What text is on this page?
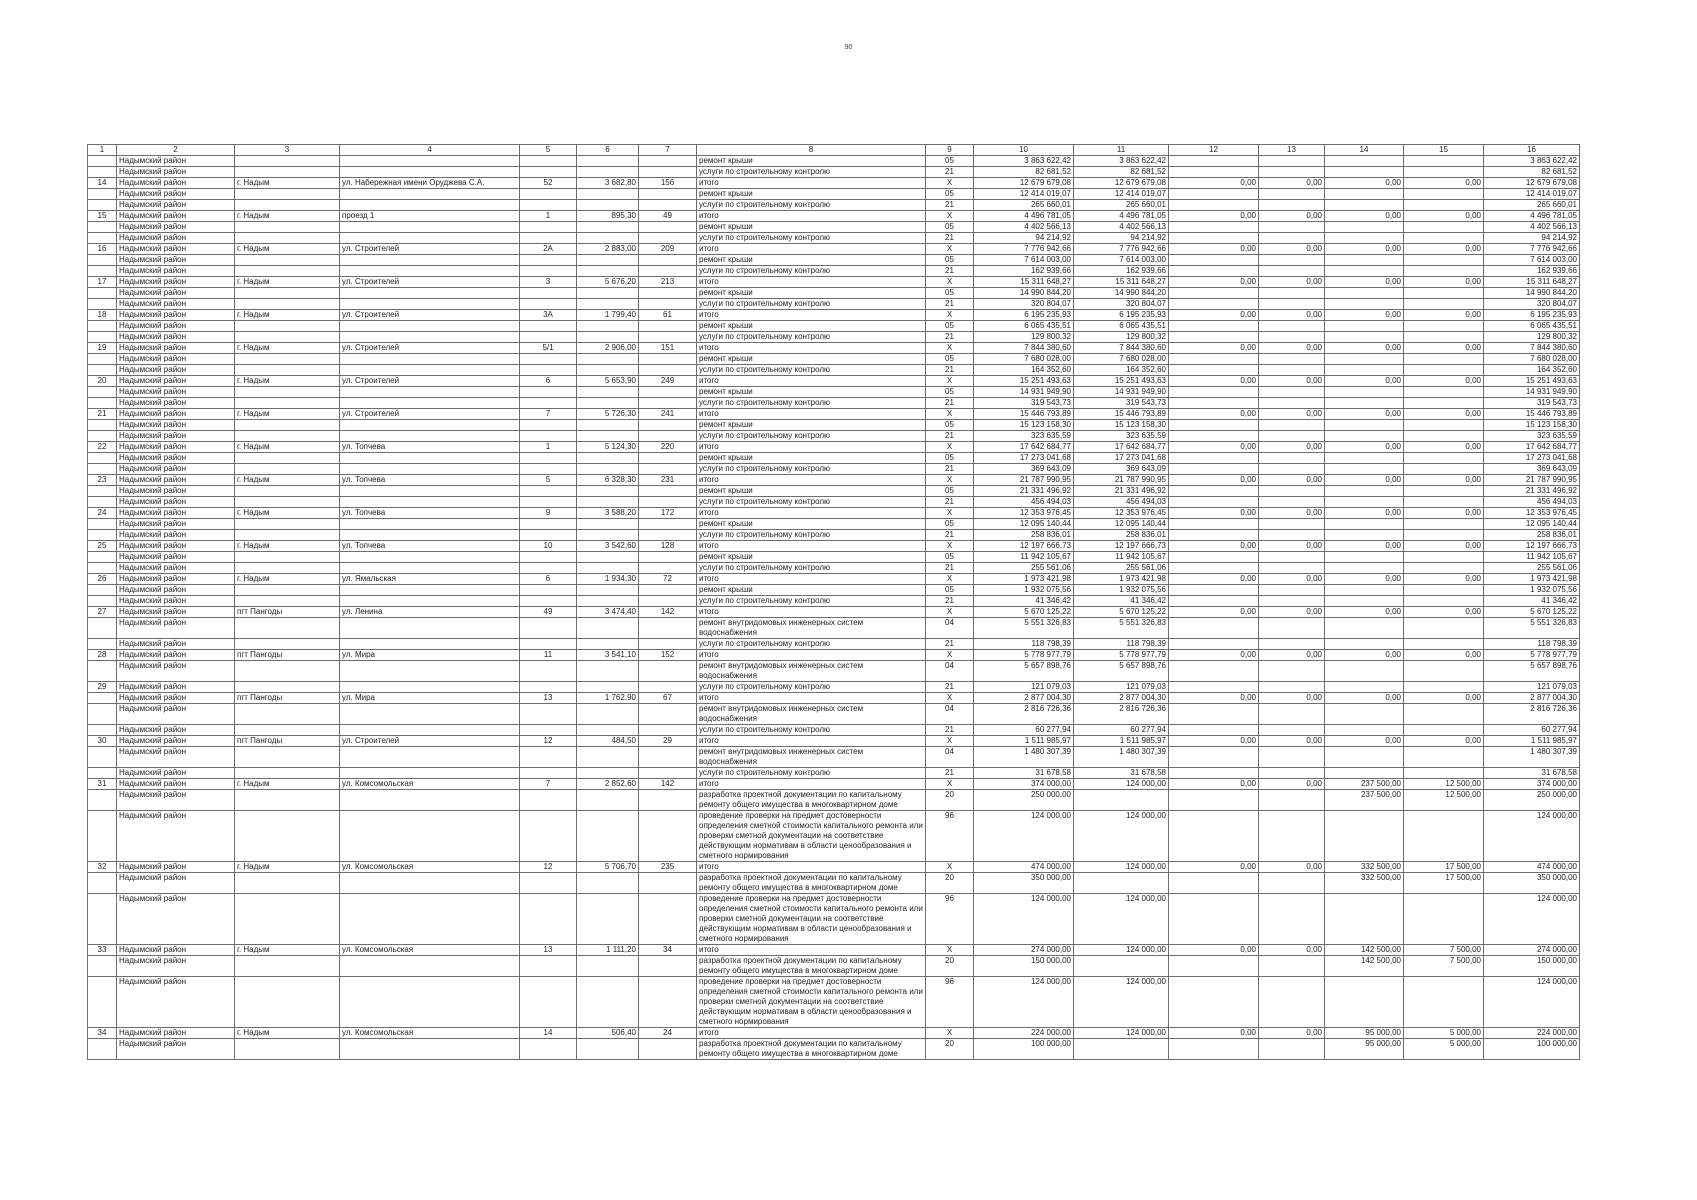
90
1	2	3	4	5	6	7	8	9	10	11	12	13	14	15	16
	Надымский район						ремонт крыши	05	3 863 622,42	3 863 622,42					3 863 622,42
	Надымский район						услуги по строительному контролю	21	82 681,52	82 681,52					82 681,52
14	Надымский район	г. Надым	ул. Набережная имени Оруджева С.А.	52	3 682,80	156	итого	X	12 679 679,08	12 679 679,08	0,00	0,00	0,00	0,00	12 679 679,08
	Надымский район						ремонт крыши	05	12 414 019,07	12 414 019,07					12 414 019,07
	Надымский район						услуги по строительному контролю	21	265 660,01	265 660,01					265 660,01
15	Надымский район	г. Надым	проезд 1	1	895,30	49	итого	X	4 496 781,05	4 496 781,05	0,00	0,00	0,00	0,00	4 496 781,05
	Надымский район						ремонт крыши	05	4 402 566,13	4 402 566,13					4 402 566,13
	Надымский район						услуги по строительному контролю	21	94 214,92	94 214,92					94 214,92
16	Надымский район	г. Надым	ул. Строителей	2А	2 883,00	209	итого	X	7 776 942,66	7 776 942,66	0,00	0,00	0,00	0,00	7 776 942,66
	Надымский район						ремонт крыши	05	7 614 003,00	7 614 003,00					7 614 003,00
	Надымский район						услуги по строительному контролю	21	162 939,66	162 939,66					162 939,66
17	Надымский район	г. Надым	ул. Строителей	3	5 676,20	213	итого	X	15 311 648,27	15 311 648,27	0,00	0,00	0,00	0,00	15 311 648,27
	Надымский район						ремонт крыши	05	14 990 844,20	14 990 844,20					14 990 844,20
	Надымский район						услуги по строительному контролю	21	320 804,07	320 804,07					320 804,07
18	Надымский район	г. Надым	ул. Строителей	3А	1 799,40	61	итого	X	6 195 235,93	6 195 235,93	0,00	0,00	0,00	0,00	6 195 235,93
	Надымский район						ремонт крыши	05	6 065 435,51	6 065 435,51					6 065 435,51
	Надымский район						услуги по строительному контролю	21	129 800,32	129 800,32					129 800,32
19	Надымский район	г. Надым	ул. Строителей	5/1	2 906,00	151	итого	X	7 844 380,60	7 844 380,60	0,00	0,00	0,00	0,00	7 844 380,60
	Надымский район						ремонт крыши	05	7 680 028,00	7 680 028,00					7 680 028,00
	Надымский район						услуги по строительному контролю	21	164 352,60	164 352,60					164 352,60
20	Надымский район	г. Надым	ул. Строителей	6	5 653,90	249	итого	X	15 251 493,63	15 251 493,63	0,00	0,00	0,00	0,00	15 251 493,63
	Надымский район						ремонт крыши	05	14 931 949,90	14 931 949,90					14 931 949,90
	Надымский район						услуги по строительному контролю	21	319 543,73	319 543,73					319 543,73
21	Надымский район	г. Надым	ул. Строителей	7	5 726,30	241	итого	X	15 446 793,89	15 446 793,89	0,00	0,00	0,00	0,00	15 446 793,89
	Надымский район						ремонт крыши	05	15 123 158,30	15 123 158,30					15 123 158,30
	Надымский район						услуги по строительному контролю	21	323 635,59	323 635,59					323 635,59
22	Надымский район	г. Надым	ул. Топчева	1	5 124,30	220	итого	X	17 642 684,77	17 642 684,77	0,00	0,00	0,00	0,00	17 642 684,77
	Надымский район						ремонт крыши	05	17 273 041,68	17 273 041,68					17 273 041,68
	Надымский район						услуги по строительному контролю	21	369 643,09	369 643,09					369 643,09
23	Надымский район	г. Надым	ул. Топчева	5	6 328,30	231	итого	X	21 787 990,95	21 787 990,95	0,00	0,00	0,00	0,00	21 787 990,95
	Надымский район						ремонт крыши	05	21 331 496,92	21 331 496,92					21 331 496,92
	Надымский район						услуги по строительному контролю	21	456 494,03	456 494,03					456 494,03
24	Надымский район	г. Надым	ул. Топчева	9	3 588,20	172	итого	X	12 353 976,45	12 353 976,45	0,00	0,00	0,00	0,00	12 353 976,45
	Надымский район						ремонт крыши	05	12 095 140,44	12 095 140,44					12 095 140,44
	Надымский район						услуги по строительному контролю	21	258 836,01	258 836,01					258 836,01
25	Надымский район	г. Надым	ул. Топчева	10	3 542,60	128	итого	X	12 197 666,73	12 197 666,73	0,00	0,00	0,00	0,00	12 197 666,73
	Надымский район						ремонт крыши	05	11 942 105,67	11 942 105,67					11 942 105,67
	Надымский район						услуги по строительному контролю	21	255 561,06	255 561,06					255 561,06
26	Надымский район	г. Надым	ул. Ямальская	6	1 934,30	72	итого	X	1 973 421,98	1 973 421,98	0,00	0,00	0,00	0,00	1 973 421,98
	Надымский район						ремонт крыши	05	1 932 075,56	1 932 075,56					1 932 075,56
	Надымский район						услуги по строительному контролю	21	41 346,42	41 346,42					41 346,42
27	Надымский район	пгт Пангоды	ул. Ленина	49	3 474,40	142	итого	X	5 670 125,22	5 670 125,22	0,00	0,00	0,00	0,00	5 670 125,22
	Надымский район						ремонт внутридомовых инженерных систем водоснабжения	04	5 551 326,83	5 551 326,83					5 551 326,83
	Надымский район						услуги по строительному контролю	21	118 798,39	118 798,39					118 798,39
28	Надымский район	пгт Пангоды	ул. Мира	11	3 541,10	152	итого	X	5 778 977,79	5 778 977,79	0,00	0,00	0,00	0,00	5 778 977,79
	Надымский район						ремонт внутридомовых инженерных систем водоснабжения	04	5 657 898,76	5 657 898,76					5 657 898,76
29	Надымский район						услуги по строительному контролю	21	121 079,03	121 079,03					121 079,03
	Надымский район	пгт Пангоды	ул. Мира	13	1 762,90	67	итого	X	2 877 004,30	2 877 004,30	0,00	0,00	0,00	0,00	2 877 004,30
	Надымский район						ремонт внутридомовых инженерных систем водоснабжения	04	2 816 726,36	2 816 726,36					2 816 726,36
	Надымский район						услуги по строительному контролю	21	60 277,94	60 277,94					60 277,94
30	Надымский район	пгт Пангоды	ул. Строителей	12	484,50	29	итого	X	1 511 985,97	1 511 985,97	0,00	0,00	0,00	0,00	1 511 985,97
	Надымский район						ремонт внутридомовых инженерных систем водоснабжения	04	1 480 307,39	1 480 307,39					1 480 307,39
	Надымский район						услуги по строительному контролю	21	31 678,58	31 678,58					31 678,58
31	Надымский район	г. Надым	ул. Комсомольская	7	2 852,60	142	итого	X	374 000,00	124 000,00	0,00	0,00	237 500,00	12 500,00	374 000,00
	Надымский район						разработка проектной документации по капитальному ремонту общего имущества в многоквартирном доме	20	250 000,00				237 500,00	12 500,00	250 000,00
	Надымский район						проведение проверки на предмет достоверности определения сметной стоимости капитального ремонта или проверки сметной документации на соответствие действующим нормативам в области ценообразования и сметного нормирования	96	124 000,00	124 000,00					124 000,00
32	Надымский район	г. Надым	ул. Комсомольская	12	5 706,70	235	итого	X	474 000,00	124 000,00	0,00	0,00	332 500,00	17 500,00	474 000,00
	Надымский район						разработка проектной документации по капитальному ремонту общего имущества в многоквартирном доме	20	350 000,00				332 500,00	17 500,00	350 000,00
	Надымский район						проведение проверки на предмет достоверности определения сметной стоимости капитального ремонта или проверки сметной документации на соответствие действующим нормативам в области ценообразования и сметного нормирования	96	124 000,00	124 000,00					124 000,00
33	Надымский район	г. Надым	ул. Комсомольская	13	1 111,20	34	итого	X	274 000,00	124 000,00	0,00	0,00	142 500,00	7 500,00	274 000,00
	Надымский район						разработка проектной документации по капитальному ремонту общего имущества в многоквартирном доме	20	150 000,00				142 500,00	7 500,00	150 000,00
	Надымский район						проведение проверки на предмет достоверности определения сметной стоимости капитального ремонта или проверки сметной документации на соответствие действующим нормативам в области ценообразования и сметного нормирования	96	124 000,00	124 000,00					124 000,00
34	Надымский район	г. Надым	ул. Комсомольская	14	506,40	24	итого	X	224 000,00	124 000,00	0,00	0,00	95 000,00	5 000,00	224 000,00
	Надымский район						разработка проектной документации по капитальному ремонту общего имущества в многоквартирном доме	20	100 000,00				95 000,00	5 000,00	100 000,00
